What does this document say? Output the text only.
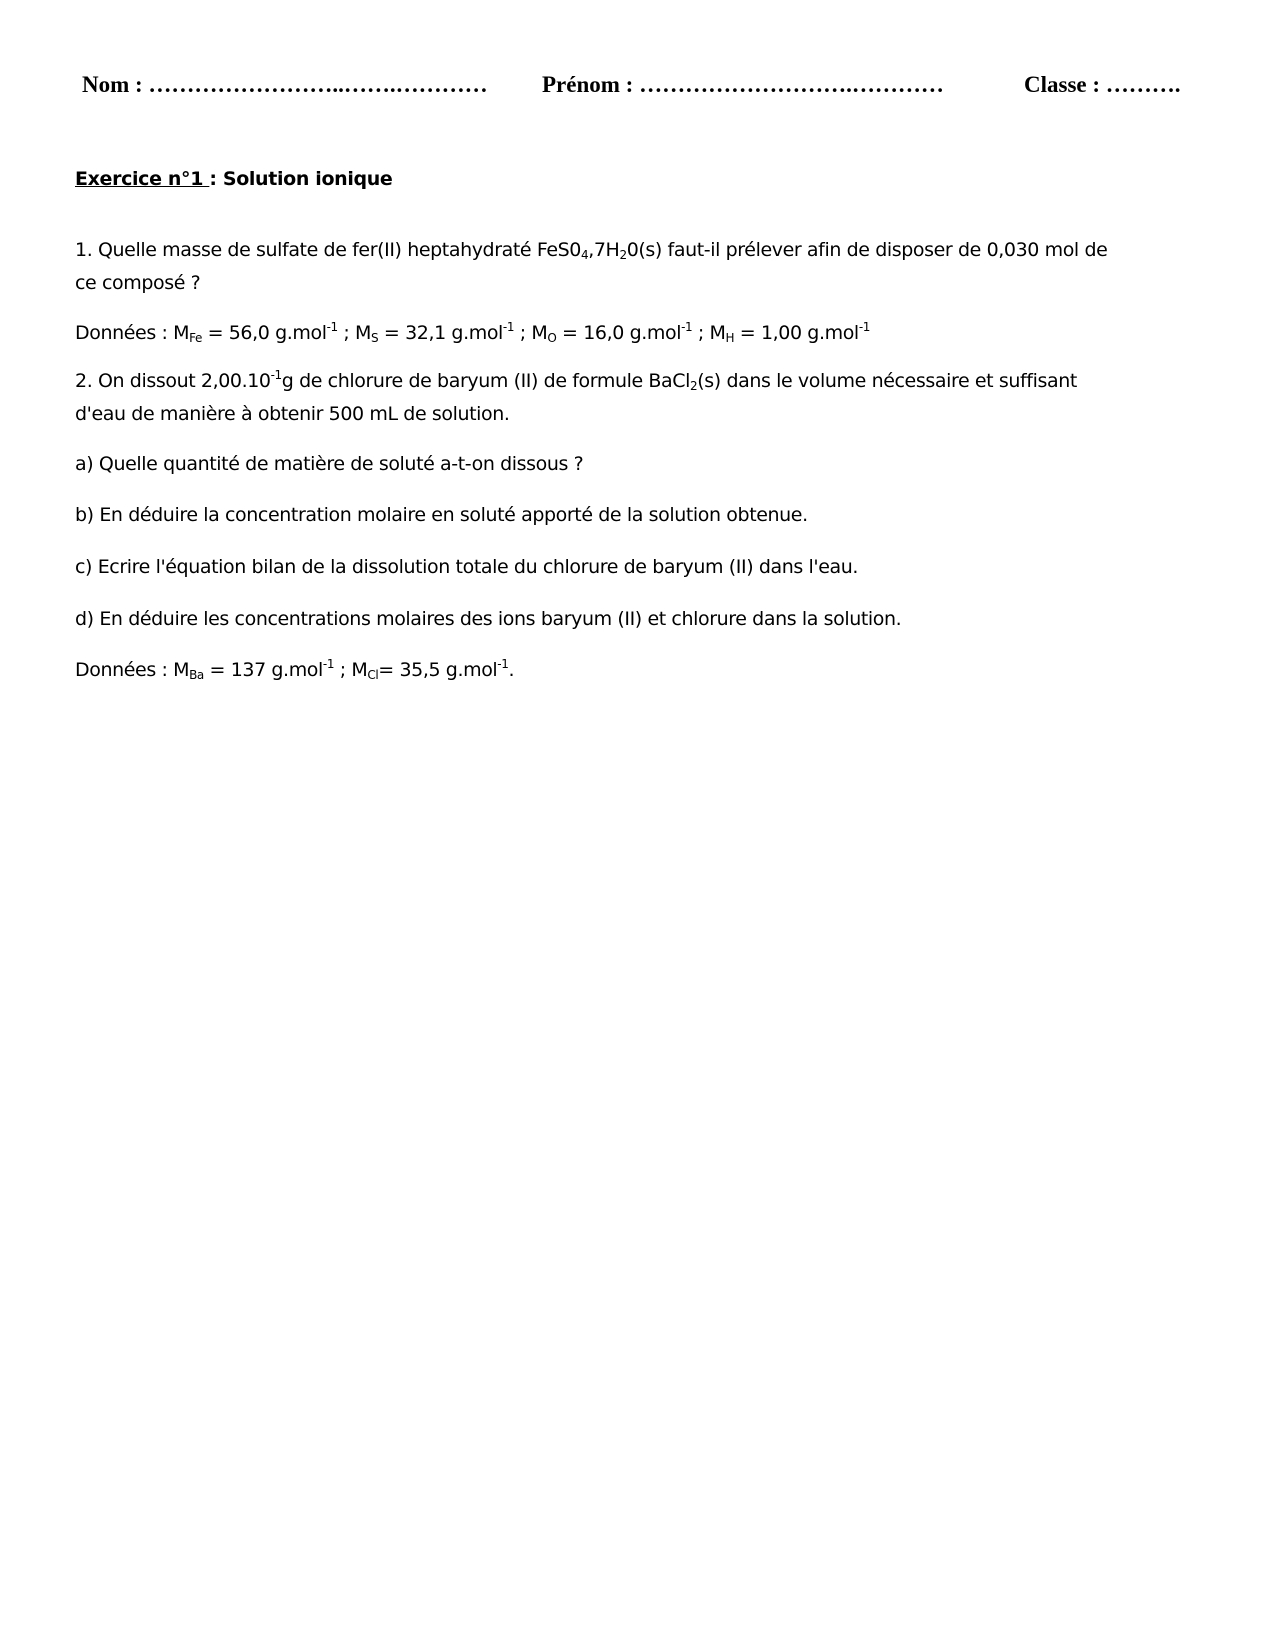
Nom : ……………………..…….………… Prénom : ……………………….…………	Classe : ……….
Exercice n°1 : Solution ionique
1. Quelle masse de sulfate de fer(II) heptahydraté $FeS0_4,7H_20(s)$ faut-il prélever afin de disposer de 0,030 mol de
ce composé ?
Données : $M_{Fe} = 56,0$ g.mol$^{-1}$ ; $M_S = 32,1$ g.mol$^{-1}$ ; $M_O = 16,0$ g.mol$^{-1}$ ; $M_H = 1,00$ g.mol$^{-1}$
2. On dissout $2,00.10^{-1}g$ de chlorure de baryum (II) de formule BaCl$_2$(s) dans le volume nécessaire et suffisant
d'eau de manière à obtenir 500 mL de solution.
a) Quelle quantité de matière de soluté a-t-on dissous ?
b) En déduire la concentration molaire en soluté apporté de la solution obtenue.
c) Ecrire l'équation bilan de la dissolution totale du chlorure de baryum (II) dans l'eau.
d) En déduire les concentrations molaires des ions baryum (II) et chlorure dans la solution.
Données : $M_{Ba} = 137$ g.mol$^{-1}$ ; $M_{Cl}= 35,5$ g.mol$^{-1}$.
